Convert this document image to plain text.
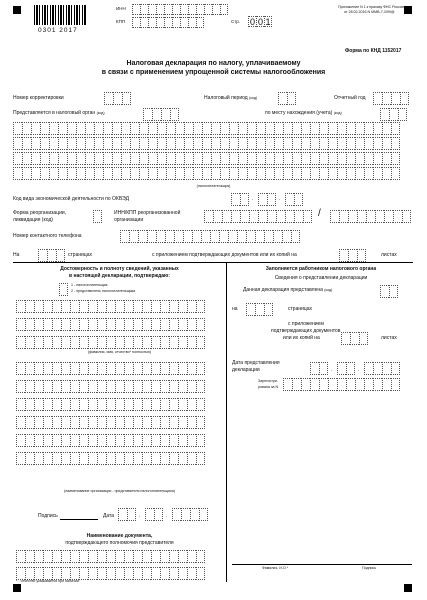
0301 2017
ИНН
КПП	Стр. 0 0 1
Приложение N 1 к приказу ФНС России
от 26.02.2016 N ММВ-7-3/99@
Форма по КНД 1152017
Налоговая декларация по налогу, уплачиваемому
в связи с применением упрощенной системы налогообложения
Номер корректировки	Налоговый период (код)	Отчетный год
Представляется в налоговый орган (код)	по месту нахождения (учета) (код)
(налогоплательщик)
Код вида экономической деятельности по ОКВЭД	.	.
Форма реорганизации,
ликвидация (код)
ИНН/КПП реорганизованной
организации
/
Номер контактного телефона
На	страницах	с приложением подтверждающих документов или их копий на	листах
Достоверность и полноту сведений, указанных
в настоящей декларации, подтверждаю:
1 - налогоплательщик
2 - представитель налогоплательщика
(фамилия, имя, отчество* полностью)
(наименование организации - представителя налогоплательщика)
Подпись	Дата	.	.
Наименование документа,
подтверждающего полномочия представителя
* - отчество указывается при наличии.
Заполняется работником налогового органа
Сведения о представлении декларации
Данная декларация представлена (код)
на	страницах
с приложением
подтверждающих документов
или их копий на	листах
Дата представления
декларации	.	.
Зарегистри-
рована за N
Фамилия, И.О.*	Подпись
